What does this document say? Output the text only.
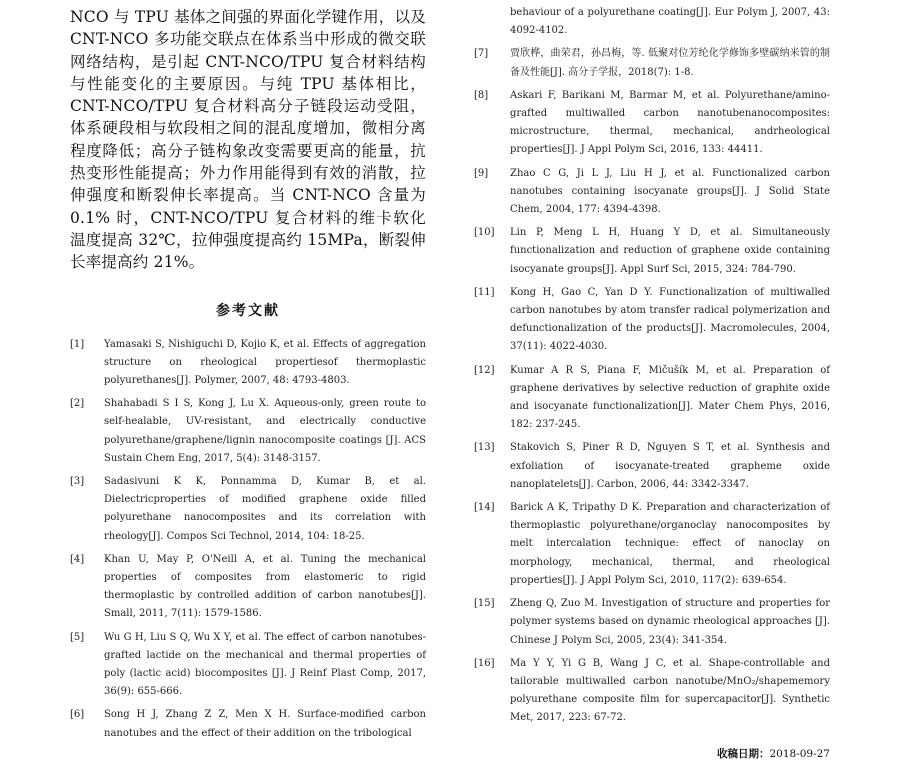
NCO 与 TPU 基体之间强的界面化学键作用，以及 CNT-NCO 多功能交联点在体系当中形成的微交联网络结构，是引起 CNT-NCO/TPU 复合材料结构与性能变化的主要原因。与纯 TPU 基体相比，CNT-NCO/TPU 复合材料高分子链段运动受阻，体系硬段相与软段相之间的混乱度增加，微相分离程度降低；高分子链构象改变需要更高的能量，抗热变形性能提高；外力作用能得到有效的消散，拉伸强度和断裂伸长率提高。当 CNT-NCO 含量为 0.1% 时，CNT-NCO/TPU 复合材料的维卡软化温度提高 32℃，拉伸强度提高约 15MPa，断裂伸长率提高约 21%。

参考文献
[1]	Yamasaki S, Nishiguchi D, Kojio K, et al. Effects of aggregation structure on rheological propertiesof thermoplastic polyurethanes[J]. Polymer, 2007, 48: 4793-4803.
[2]	Shahabadi S I S, Kong J, Lu X. Aqueous-only, green route to self-healable, UV-resistant, and electrically conductive polyurethane/graphene/lignin nanocomposite coatings [J]. ACS Sustain Chem Eng, 2017, 5(4): 3148-3157.
[3]	Sadasivuni K K, Ponnamma D, Kumar B, et al. Dielectricproperties of modified graphene oxide filled polyurethane nanocomposites and its correlation with rheology[J]. Compos Sci Technol, 2014, 104: 18-25.
[4]	Khan U, May P, O'Neill A, et al. Tuning the mechanical properties of composites from elastomeric to rigid thermoplastic by controlled addition of carbon nanotubes[J]. Small, 2011, 7(11): 1579-1586.
[5]	Wu G H, Liu S Q, Wu X Y, et al. The effect of carbon nanotubes-grafted lactide on the mechanical and thermal properties of poly (lactic acid) biocomposites [J]. J Reinf Plast Comp, 2017, 36(9): 655-666.
[6]	Song H J, Zhang Z Z, Men X H. Surface-modified carbon nanotubes and the effect of their addition on the tribological
behaviour of a polyurethane coating[J]. Eur Polym J, 2007, 43: 4092-4102.
[7]	贾欣桦，曲荣君，孙昌梅，等. 低聚对位芳纶化学修饰多壁碳纳米管的制备及性能[J]. 高分子学报，2018(7): 1-8.
[8]	Askari F, Barikani M, Barmar M, et al. Polyurethane/amino-grafted multiwalled carbon nanotubenanocomposites: microstructure, thermal, mechanical, andrheological properties[J]. J Appl Polym Sci, 2016, 133: 44411.
[9]	Zhao C G, Ji L J, Liu H J, et al. Functionalized carbon nanotubes containing isocyanate groups[J]. J Solid State Chem, 2004, 177: 4394-4398.
[10]	Lin P, Meng L H, Huang Y D, et al. Simultaneously functionalization and reduction of graphene oxide containing isocyanate groups[J]. Appl Surf Sci, 2015, 324: 784-790.
[11]	Kong H, Gao C, Yan D Y. Functionalization of multiwalled carbon nanotubes by atom transfer radical polymerization and defunctionalization of the products[J]. Macromolecules, 2004, 37(11): 4022-4030.
[12]	Kumar A R S, Piana F, Mičušík M, et al. Preparation of graphene derivatives by selective reduction of graphite oxide and isocyanate functionalization[J]. Mater Chem Phys, 2016, 182: 237-245.
[13]	Stakovich S, Piner R D, Nguyen S T, et al. Synthesis and exfoliation of isocyanate-treated grapheme oxide nanoplatelets[J]. Carbon, 2006, 44: 3342-3347.
[14]	Barick A K, Tripathy D K. Preparation and characterization of thermoplastic polyurethane/organoclay nanocomposites by melt intercalation technique: effect of nanoclay on morphology, mechanical, thermal, and rheological properties[J]. J Appl Polym Sci, 2010, 117(2): 639-654.
[15]	Zheng Q, Zuo M. Investigation of structure and properties for polymer systems based on dynamic rheological approaches [J]. Chinese J Polym Sci, 2005, 23(4): 341-354.
[16]	Ma Y Y, Yi G B, Wang J C, et al. Shape-controllable and tailorable multiwalled carbon nanotube/MnO₂/shapememory polyurethane composite film for supercapacitor[J]. Synthetic Met, 2017, 223: 67-72.
收稿日期：2018-09-27
